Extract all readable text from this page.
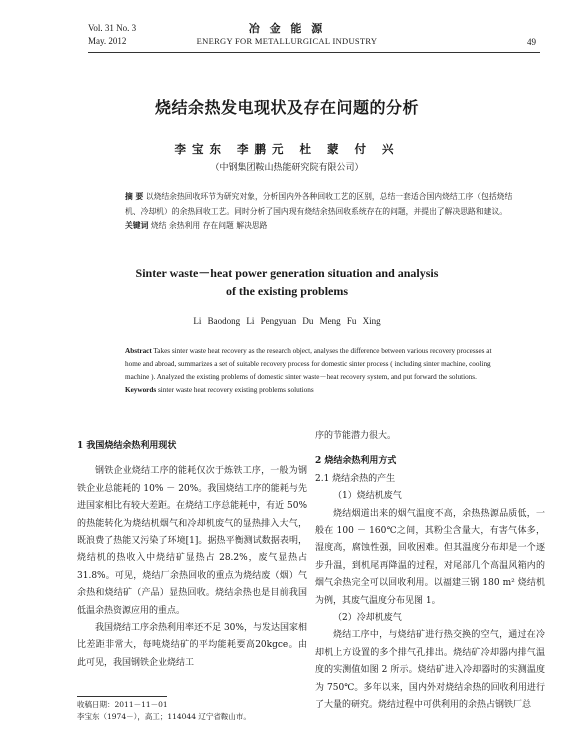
Vol. 31 No. 3
May. 2012
冶 金 能 源
ENERGY FOR METALLURGICAL INDUSTRY	49
烧结余热发电现状及存在问题的分析
李宝东 李鹏元 杜 蒙 付 兴
（中钢集团鞍山热能研究院有限公司）
摘 要 以烧结余热回收环节为研究对象，分析国内外各种回收工艺的区别，总结一套适合国内烧结工序（包括烧结机、冷却机）的余热回收工艺。同时分析了国内现有烧结余热回收系统存在的问题，并提出了解决思路和建议。
关键词 烧结 余热利用 存在问题 解决思路
Sinter waste－heat power generation situation and analysis
of the existing problems
Li Baodong Li Pengyuan Du Meng Fu Xing
Abstract Takes sinter waste heat recovery as the research object, analyses the difference between various recovery processes at home and abroad, summarizes a set of suitable recovery process for domestic sinter process ( including sinter machine, cooling machine ). Analyzed the existing problems of domestic sinter waste－heat recovery system, and put forward the solutions.
Keywords sinter waste heat recovery existing problems solutions
1 我国烧结余热利用现状
钢铁企业烧结工序的能耗仅次于炼铁工序，一般为钢铁企业总能耗的 10% － 20%。我国烧结工序的能耗与先进国家相比有较大差距。在烧结工序总能耗中，有近 50% 的热能转化为烧结机烟气和冷却机废气的显热排入大气，既浪费了热能又污染了环境[1]。据热平衡测试数据表明，烧结机的热收入中烧结矿显热占 28.2%，废气显热占 31.8%。可见，烧结厂余热回收的重点为烧结废（烟）气余热和烧结矿（产品）显热回收。烧结余热也是目前我国低温余热资源应用的重点。
我国烧结工序余热利用率还不足 30%，与发达国家相比差距非常大，每吨烧结矿的平均能耗要高20kgce。由此可见，我国钢铁企业烧结工
序的节能潜力很大。
2 烧结余热利用方式
2.1 烧结余热的产生
（1）烧结机废气
烧结烟道出来的烟气温度不高，余热热源品质低，一般在 100 － 160℃之间，其粉尘含量大，有害气体多，湿度高，腐蚀性强，回收困难。但其温度分布却是一个逐步升温，到机尾再降温的过程，对尾部几个高温风箱内的烟气余热完全可以回收利用。以福建三钢 180 m² 烧结机为例，其废气温度分布见图 1。
（2）冷却机废气
烧结工序中，与烧结矿进行热交换的空气，通过在冷却机上方设置的多个排气孔排出。烧结矿冷却器内排气温度的实测值如图 2 所示。烧结矿进入冷却器时的实测温度为 750℃。多年以来，国内外对烧结余热的回收利用进行了大量的研究。烧结过程中可供利用的余热占钢铁厂总
收稿日期：2011－11－01
李宝东（1974－），高工；114044 辽宁省鞍山市。
